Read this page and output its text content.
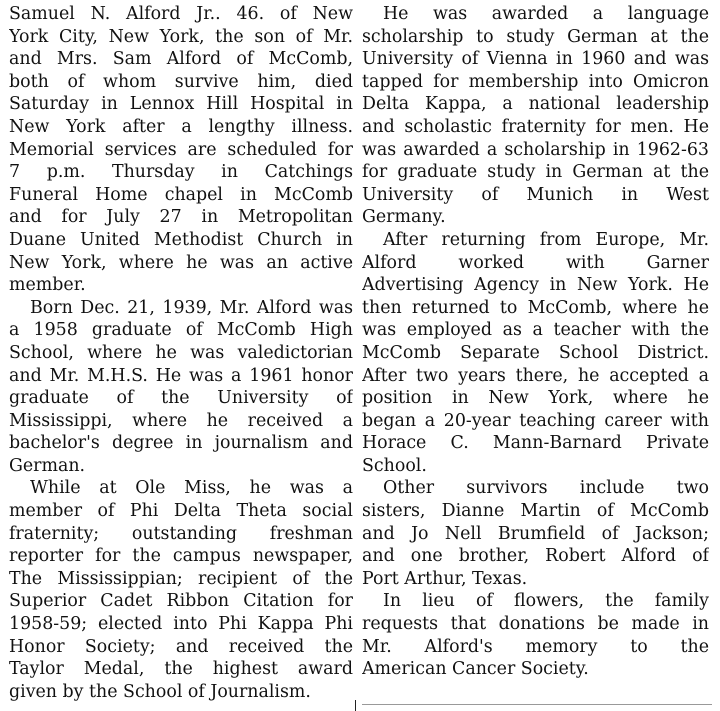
Samuel N. Alford Jr.. 46. of New
York City, New York, the son of Mr.
and Mrs. Sam Alford of McComb,
both of whom survive him, died
Saturday in Lennox Hill Hospital in
New York after a lengthy illness.
Memorial services are scheduled for
7 p.m. Thursday in Catchings
Funeral Home chapel in McComb
and for July 27 in Metropolitan
Duane United Methodist Church in
New York, where he was an active
member.
Born Dec. 21, 1939, Mr. Alford was
a 1958 graduate of McComb High
School, where he was valedictorian
and Mr. M.H.S. He was a 1961 honor
graduate of the University of
Mississippi, where he received a
bachelor's degree in journalism and
German.
While at Ole Miss, he was a
member of Phi Delta Theta social
fraternity; outstanding freshman
reporter for the campus newspaper,
The Mississippian; recipient of the
Superior Cadet Ribbon Citation for
1958-59; elected into Phi Kappa Phi
Honor Society; and received the
Taylor Medal, the highest award
given by the School of Journalism.
He was awarded a language
scholarship to study German at the
University of Vienna in 1960 and was
tapped for membership into Omicron
Delta Kappa, a national leadership
and scholastic fraternity for men. He
was awarded a scholarship in 1962-63
for graduate study in German at the
University of Munich in West
Germany.
After returning from Europe, Mr.
Alford worked with Garner
Advertising Agency in New York. He
then returned to McComb, where he
was employed as a teacher with the
McComb Separate School District.
After two years there, he accepted a
position in New York, where he
began a 20-year teaching career with
Horace C. Mann-Barnard Private
School.
Other survivors include two
sisters, Dianne Martin of McComb
and Jo Nell Brumfield of Jackson;
and one brother, Robert Alford of
Port Arthur, Texas.
In lieu of flowers, the family
requests that donations be made in
Mr. Alford's memory to the
American Cancer Society.
